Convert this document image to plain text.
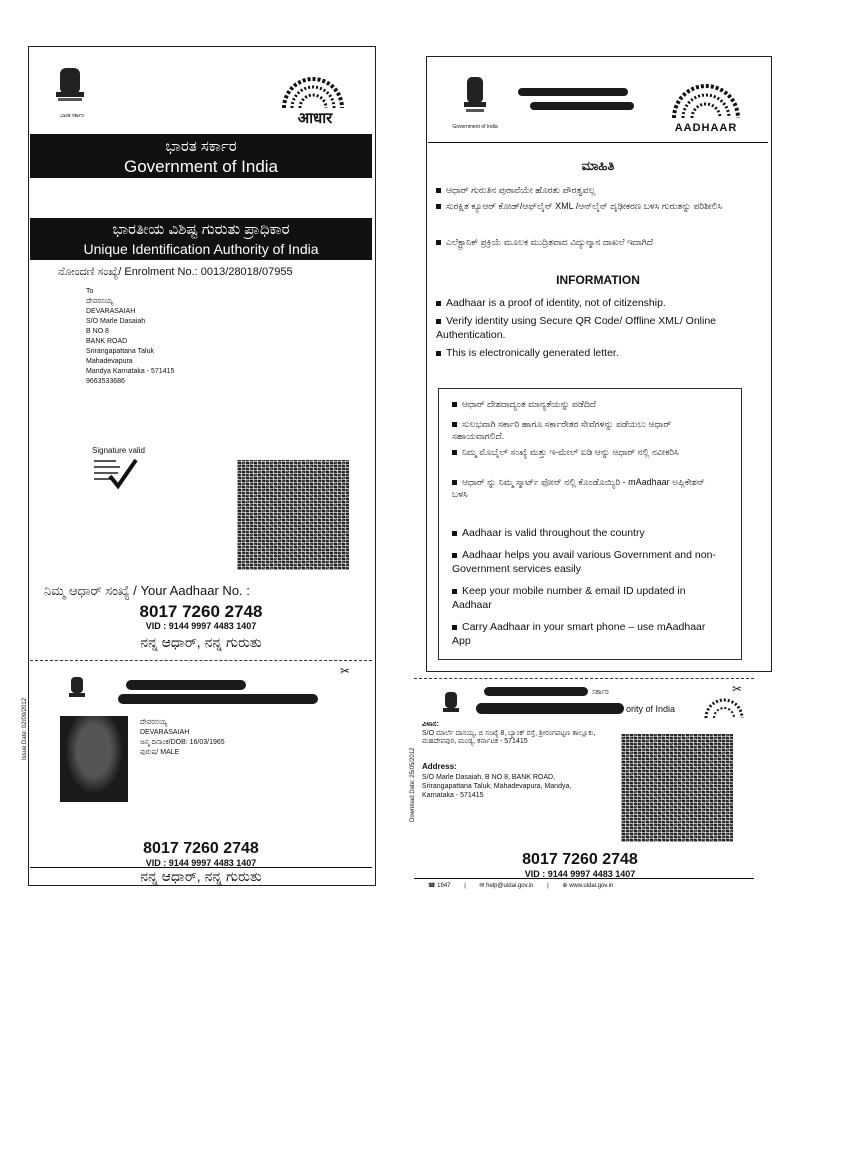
ಭಾರತ ಸರ್ಕಾರ	आधार
ಭಾರತ ಸರ್ಕಾರ
Government of India
ಭಾರತೀಯ ವಿಶಿಷ್ಟ ಗುರುತು ಪ್ರಾಧಿಕಾರ
Unique Identification Authority of India
ನೋಂದಣಿ ಸಂಖ್ಯೆ/ Enrolment No.: 0013/28018/07955
To
ದೇವರಸಯ್ಯ
DEVARASAIAH
S/O Marle Dasaiah
B NO 8
BANK ROAD
Srirangapattana Taluk
Mahadevapura
Mandya Karnataka - 571415
9663533686
Signature valid
ನಿಮ್ಮ ಆಧಾರ್ ಸಂಖ್ಯೆ / Your Aadhaar No. :
8017 7260 2748
VID : 9144 9997 4483 1407
ನನ್ನ ಆಧಾರ್, ನನ್ನ ಗುರುತು
✂
Issue Date: 02/09/2012	ದೇವರಸಯ್ಯ
DEVARASAIAH
ಜನ್ಮ ದಿನಾಂಕ/DOB: 16/03/1965
ಪುರುಷ/ MALE
8017 7260 2748
VID : 9144 9997 4483 1407
ನನ್ನ ಆಧಾರ್, ನನ್ನ ಗುರುತು
Government of India	AADHAAR
ಮಾಹಿತಿ
ಆಧಾರ್ ಗುರುತಿನ ಪುರಾವೆಯೇ ಹೊರತು ಪೌರತ್ವವಲ್ಲ
ಸುರಕ್ಷಿತ ಕ್ಯೂಆರ್ ಕೋಡ್/ಆಫ್‌ಲೈನ್ XML /ಆನ್‌ಲೈನ್ ದೃಢೀಕರಣ ಬಳಸಿ ಗುರುತನ್ನು ಪರಿಶೀಲಿಸಿ
ಎಲೆಕ್ಟ್ರಾನಿಕ್ ಪ್ರಕ್ರಿಯೆ ಮೂಲಕ ಮುದ್ರಿತವಾದ ವಿದ್ಯುನ್ಮಾನ ದಾಖಲೆ ಇದಾಗಿದೆ
INFORMATION
Aadhaar is a proof of identity, not of citizenship.
Verify identity using Secure QR Code/ Offline XML/ Online Authentication.
This is electronically generated letter.
ಆಧಾರ್ ದೇಶದಾದ್ಯಂತ ಮಾನ್ಯತೆಯನ್ನು ಪಡೆದಿದೆ
ಸುಲಭವಾಗಿ ಸರ್ಕಾರಿ ಹಾಗೂ ಸರ್ಕಾರೇತರ ಸೇವೆಗಳನ್ನು ಪಡೆಯಲು ಆಧಾರ್ ಸಹಾಯವಾಗಲಿದೆ.
ನಿಮ್ಮ ಮೊಬೈಲ್ ಸಂಖ್ಯೆ ಮತ್ತು ಇ-ಮೇಲ್ ಐಡಿ ಆನ್ನು ಆಧಾರ್ ನಲ್ಲಿ ನವೀಕರಿಸಿ
ಆಧಾರ್ ನ್ನು ನಿಮ್ಮ ಸ್ಮಾರ್ಟ್ ಫೋನ್ ನಲ್ಲಿ ಕೊಂಡೊಯ್ಯಿರಿ - mAadhaar ಅಪ್ಲಿಕೇಶನ್ ಬಳಸಿ
Aadhaar is valid throughout the country
Aadhaar helps you avail various Government and non-Government services easily
Keep your mobile number & email ID updated in Aadhaar
Carry Aadhaar in your smart phone – use mAadhaar App
✂
ಸರ್ಕಾರ
ority of India
Download Date: 25/05/2012
ವಿಳಾಸ:
S/O ಮಾರ್ಲೆ ದಾಸಯ್ಯ, ಬಿ ಸಂಖ್ಯೆ 8, ಬ್ಯಾಂಕ್ ರಸ್ತೆ, ಶ್ರೀರಂಗಪಟ್ಟಣ ತಾಲ್ಲೂಕು, ಮಹದೇವಪುರ, ಮಂಡ್ಯ, ಕರ್ನಾಟಕ - 571415
Address:
S/O Marle Dasaiah, B NO 8, BANK ROAD, Srirangapattana Taluk, Mahadevapura, Mandya, Karnataka - 571415
8017 7260 2748
VID : 9144 9997 4483 1407
☎ 1947 | ✉ help@uidai.gov.in | ⊕ www.uidai.gov.in
